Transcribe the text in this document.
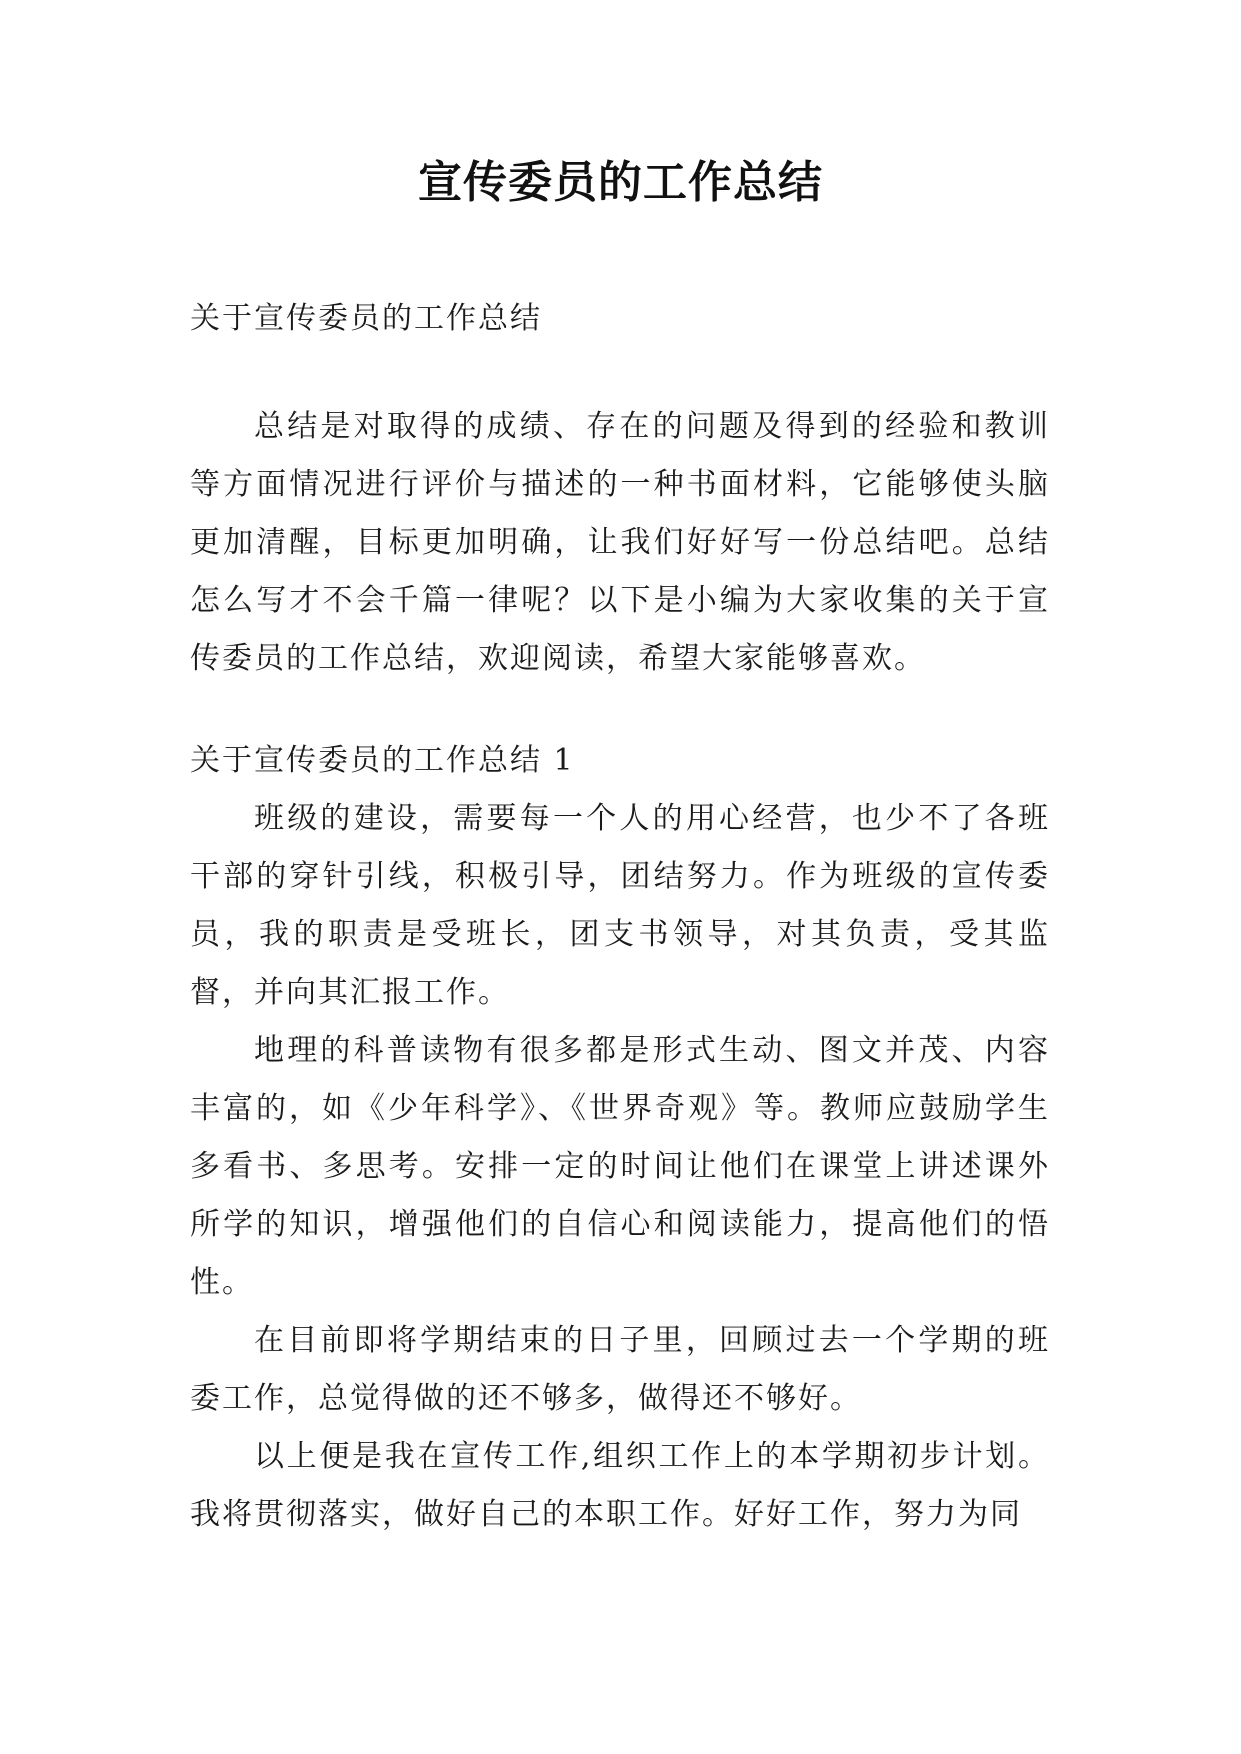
宣传委员的工作总结

关于宣传委员的工作总结

总结是对取得的成绩、存在的问题及得到的经验和教训等方面情况进行评价与描述的一种书面材料，它能够使头脑更加清醒，目标更加明确，让我们好好写一份总结吧。总结怎么写才不会千篇一律呢？以下是小编为大家收集的关于宣传委员的工作总结，欢迎阅读，希望大家能够喜欢。

关于宣传委员的工作总结 1

班级的建设，需要每一个人的用心经营，也少不了各班干部的穿针引线，积极引导，团结努力。作为班级的宣传委员，我的职责是受班长，团支书领导，对其负责，受其监督，并向其汇报工作。

地理的科普读物有很多都是形式生动、图文并茂、内容丰富的，如《少年科学》、《世界奇观》等。教师应鼓励学生多看书、多思考。安排一定的时间让他们在课堂上讲述课外所学的知识，增强他们的自信心和阅读能力，提高他们的悟性。

在目前即将学期结束的日子里，回顾过去一个学期的班委工作，总觉得做的还不够多，做得还不够好。

以上便是我在宣传工作,组织工作上的本学期初步计划。我将贯彻落实，做好自己的本职工作。好好工作，努力为同
